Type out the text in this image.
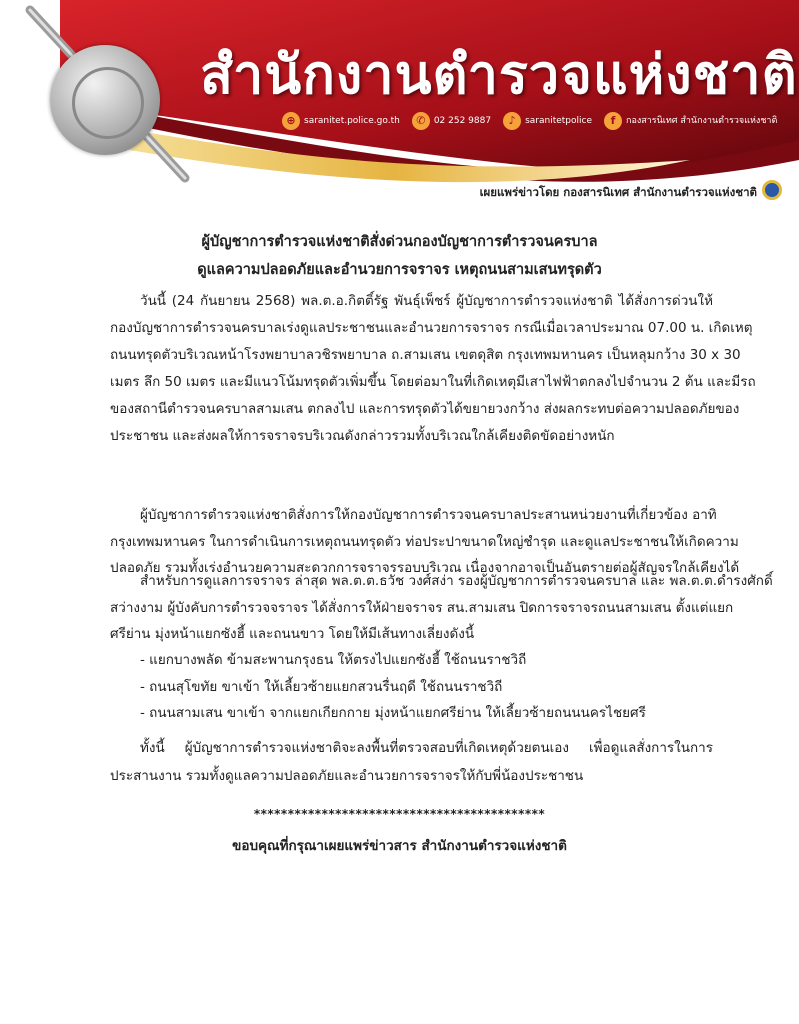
สำนักงานตำรวจแห่งชาติ
⊕ saranitet.police.go.th	✆ 02 252 9887	♪	saranitetpolice	f	กองสารนิเทศ สำนักงานตำรวจแห่งชาติ
เผยแพร่ข่าวโดย กองสารนิเทศ สำนักงานตำรวจแห่งชาติ
ผู้บัญชาการตำรวจแห่งชาติสั่งด่วนกองบัญชาการตำรวจนครบาล
ดูแลความปลอดภัยและอำนวยการจราจร เหตุถนนสามเสนทรุดตัว
วันนี้ (24 กันยายน 2568) พล.ต.อ.กิตติ์รัฐ พันธุ์เพ็ชร์ ผู้บัญชาการตำรวจแห่งชาติ ได้สั่งการด่วนให้
กองบัญชาการตำรวจนครบาลเร่งดูแลประชาชนและอำนวยการจราจร กรณีเมื่อเวลาประมาณ 07.00 น. เกิดเหตุ
ถนนทรุดตัวบริเวณหน้าโรงพยาบาลวชิรพยาบาล ถ.สามเสน เขตดุสิต กรุงเทพมหานคร เป็นหลุมกว้าง 30 x 30
เมตร ลึก 50 เมตร และมีแนวโน้มทรุดตัวเพิ่มขึ้น โดยต่อมาในที่เกิดเหตุมีเสาไฟฟ้าตกลงไปจำนวน 2 ต้น และมีรถ
ของสถานีตำรวจนครบาลสามเสน ตกลงไป และการทรุดตัวได้ขยายวงกว้าง ส่งผลกระทบต่อความปลอดภัยของ
ประชาชน และส่งผลให้การจราจรบริเวณดังกล่าวรวมทั้งบริเวณใกล้เคียงติดขัดอย่างหนัก
ผู้บัญชาการตำรวจแห่งชาติสั่งการให้กองบัญชาการตำรวจนครบาลประสานหน่วยงานที่เกี่ยวข้อง อาทิ
กรุงเทพมหานคร ในการดำเนินการเหตุถนนทรุดตัว ท่อประปาขนาดใหญ่ชำรุด และดูแลประชาชนให้เกิดความ
ปลอดภัย รวมทั้งเร่งอำนวยความสะดวกการจราจรรอบบริเวณ เนื่องจากอาจเป็นอันตรายต่อผู้สัญจรใกล้เคียงได้
สำหรับการดูแลการจราจร ล่าสุด พล.ต.ต.ธวัช วงศ์สง่า รองผู้บัญชาการตำรวจนครบาล และ พล.ต.ต.ดำรงศักดิ์
สว่างงาม ผู้บังคับการตำรวจจราจร ได้สั่งการให้ฝ่ายจราจร สน.สามเสน ปิดการจราจรถนนสามเสน ตั้งแต่แยก
ศรีย่าน มุ่งหน้าแยกซังฮี้ และถนนขาว โดยให้มีเส้นทางเลี่ยงดังนี้
ทั้งนี้ ผู้บัญชาการตำรวจแห่งชาติจะลงพื้นที่ตรวจสอบที่เกิดเหตุด้วยตนเอง เพื่อดูแลสั่งการในการ
ประสานงาน รวมทั้งดูแลความปลอดภัยและอำนวยการจราจรให้กับพี่น้องประชาชน
- แยกบางพลัด ข้ามสะพานกรุงธน ให้ตรงไปแยกซังฮี้ ใช้ถนนราชวิถี
- ถนนสุโขทัย ขาเข้า ให้เลี้ยวซ้ายแยกสวนรื่นฤดี ใช้ถนนราชวิถี
- ถนนสามเสน ขาเข้า จากแยกเกียกกาย มุ่งหน้าแยกศรีย่าน ให้เลี้ยวซ้ายถนนนครไชยศรี
*******************************************
ขอบคุณที่กรุณาเผยแพร่ข่าวสาร สำนักงานตำรวจแห่งชาติ
